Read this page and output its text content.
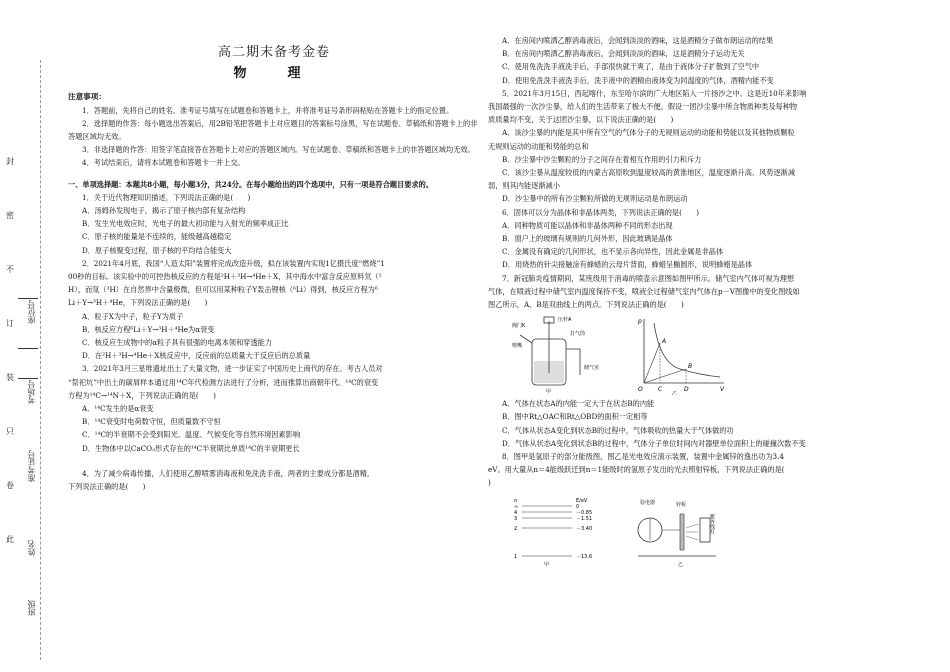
封
密
不
订
装
只
卷
此
座位号
考场号
准考证号
姓名
班级
高二期末备考金卷
物　理
注意事项：

1．答题前，先将自己的姓名、准考证号填写在试题卷和答题卡上，并将准考证号条形码粘贴在答题卡上的指定位置。

2．选择题的作答：每小题选出答案后，用2B铅笔把答题卡上对应题目的答案标号涂黑，写在试题卷、草稿纸和答题卡上的非答题区域均无效。

3．非选择题的作答：用签字笔直接答在答题卡上对应的答题区域内。写在试题卷、草稿纸和答题卡上的非答题区域均无效。

4．考试结束后，请将本试题卷和答题卡一并上交。

一、单项选择题：本题共8小题，每小题3分，共24分。在每小题给出的四个选项中，只有一项是符合题目要求的。

1．关于近代物理知识描述，下列说法正确的是(　　)

A．汤姆孙发现电子，揭示了原子核内部有复杂结构

B．发生光电效应时，光电子的最大初动能与入射光的频率成正比

C．原子核的能量是不连续的，能级越高越稳定

D．原子核聚变过程，原子核的平均结合能变大

2．2021年4月底，我国“人造太阳”装置将完成改造升级，拟在该装置内实现1亿摄氏度“燃烧”1

00秒的目标。该实验中的可控热核反应的方程是²H＋³H→⁴He＋X，其中海水中富含反应原料氘（²

H），而氚（³H）在自然界中含量极微，但可以用某种粒子Y轰击锂核（⁶Li）得到，核反应方程为⁶

Li＋Y→³H＋⁴He，下列说法正确的是(　　)

A．粒子X为中子，粒子Y为质子

B．核反应方程⁶Li＋Y→³H＋⁴He为α衰变

C．核反应生成物中的α粒子具有很强的电离本领和穿透能力

D．在²H＋³H→⁴He＋X核反应中，反应前的总质量大于反应后的总质量

3．2021年3月三星堆遗址出土了大量文物，进一步证实了中国历史上商代的存在。考古人员对

“祭祀坑”中出土的碳屑样本通过用¹⁴C年代检测方法进行了分析，进而推算出商朝年代。¹⁴C的衰变

方程为¹⁴C→¹⁴N＋X，下列说法正确的是(　　)

A．¹⁴C发生的是α衰变

B．¹⁴C衰变时电荷数守恒，但质量数不守恒

C．¹⁴C的半衰期不会受到阳光、温度、气候变化等自然环境因素影响

D．生物体中以CaCO₃形式存在的¹⁴C半衰期比单质¹⁴C的半衰期更长

4．为了减少病毒传播，人们使用乙醇喷雾消毒液和免洗洗手液，两者的主要成分都是酒精，

下列说法正确的是(　　)

A．在房间内喷洒乙醇消毒液后，会闻到淡淡的酒味，这是酒精分子做布朗运动的结果

B．在房间内喷洒乙醇消毒液后，会闻到淡淡的酒味，这是酒精分子运动无关

C．使用免洗洗手液洗手后，手部很快就干爽了，是由于液体分子扩散到了空气中

D．使用免洗洗手液洗手后，洗手液中的酒精由液体变为同温度的气体，酒精内能不变

5．2021年3月15日，西起喀什，东至哈尔滨的广大地区陷入一片扬沙之中。这是近10年来影响

我国最强的一次沙尘暴，给人们的生活带来了极大不便。假设一团沙尘暴中所含物质种类及每种物

质质量均不变，关于这团沙尘暴，以下说法正确的是(　　)

A．该沙尘暴的内能是其中所有空气的气体分子的无规则运动的动能和势能以及其他物质颗粒

无规则运动的动能和势能的总和

B．沙尘暴中沙尘颗粒的分子之间存在着相互作用的引力和斥力

C．该沙尘暴从温度较低的内蒙古高原吹到温度较高的黄淮地区，温度逐渐升高、风势逐渐减

弱，则其内能逐渐减小

D．沙尘暴中的所有沙尘颗粒所做的无规则运动是布朗运动

6．固体可以分为晶体和非晶体两类，下列说法正确的是(　　)

A．同种物质可能以晶体和非晶体两种不同的形态出现

B．窗户上的玻璃有规则的几何外形，因此玻璃是晶体

C．金属没有确定的几何形状，也不显示各向异性，因此金属是非晶体

D．用烧热的针尖接触涂有蜂蜡的云母片背面，蜂蜡呈椭圆形，说明蜂蜡是晶体

7．新冠肺炎疫情期间，某班级用于消毒的喷壶示意图如图甲所示。储气室内气体可视为理想

气体，在喷液过程中储气室内温度保持不变，喷液全过程储气室内气体在p－V图像中的变化图线如

图乙所示，A、B是双曲线上的两点。下列说法正确的是(　　)

阀门K
压杆A
打气筒
喷嘴
储气室
甲
p
V
O
A
B
C	D
乙

A．气体在状态A的内能一定大于在状态B的内能

B．图中Rt△OAC和Rt△OBD的面积一定相等

C．气体从状态A变化到状态B的过程中，气体吸收的热量大于气体做的功

D．气体从状态A变化到状态B的过程中，气体分子单位时间内对器壁单位面积上的碰撞次数不变

8．图甲是氢原子的部分能级图，图乙是光电效应演示装置，装置中金属锌的逸出功为3.4

eV。用大量从n＝4能级跃迁到n＝1能级时的氢原子发出的光去照射锌板，下列说法正确的是(　

)

n	E/eV
∞	0
4	－0.85
3	－1.51
2	－3.40
1	－13.6
甲
验电器	锌板
紫外线灯
乙
